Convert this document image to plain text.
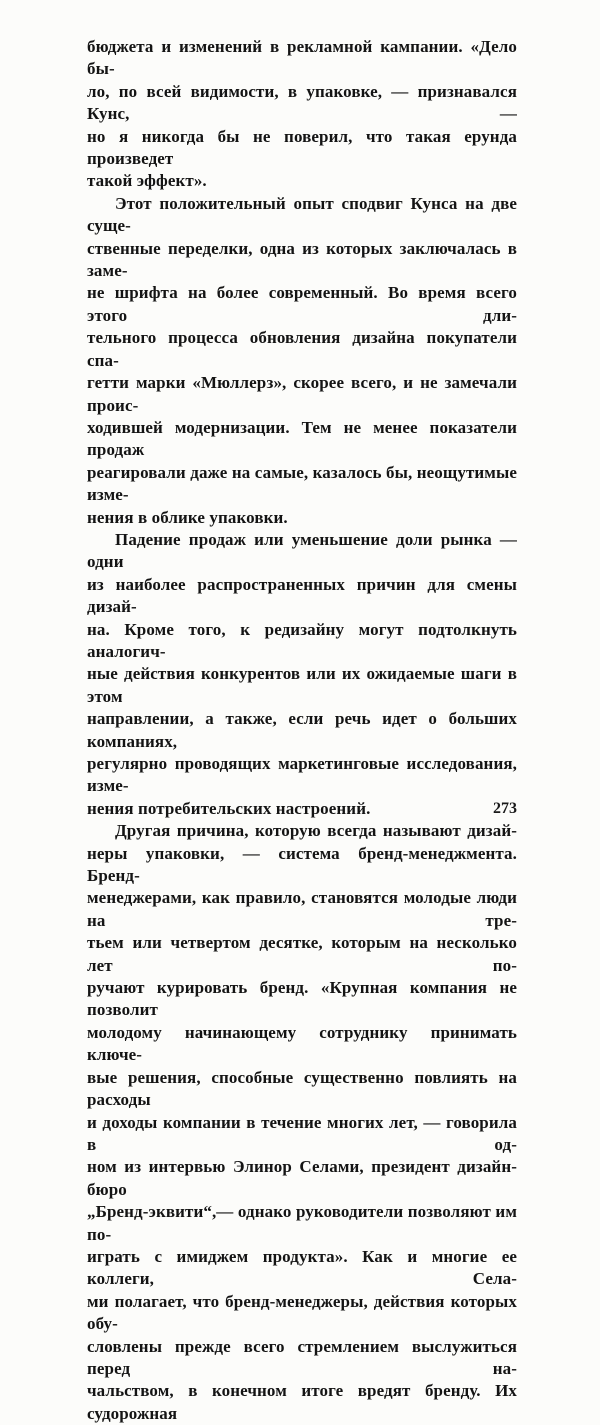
бюджета и изменений в рекламной кампании. «Дело бы-
ло, по всей видимости, в упаковке, — признавался Кунс, —
но я никогда бы не поверил, что такая ерунда произведет
такой эффект».
Этот положительный опыт сподвиг Кунса на две суще-
ственные переделки, одна из которых заключалась в заме-
не шрифта на более современный. Во время всего этого дли-
тельного процесса обновления дизайна покупатели спа-
гетти марки «Мюллерз», скорее всего, и не замечали проис-
ходившей модернизации. Тем не менее показатели продаж
реагировали даже на самые, казалось бы, неощутимые изме-
нения в облике упаковки.
Падение продаж или уменьшение доли рынка — одни
из наиболее распространенных причин для смены дизай-
на. Кроме того, к редизайну могут подтолкнуть аналогич-
ные действия конкурентов или их ожидаемые шаги в этом
направлении, а также, если речь идет о больших компаниях,
регулярно проводящих маркетинговые исследования, изме-
нения потребительских настроений.
Другая причина, которую всегда называют дизай-
неры упаковки, — система бренд-менеджмента. Бренд-
менеджерами, как правило, становятся молодые люди на тре-
тьем или четвертом десятке, которым на несколько лет по-
ручают курировать бренд. «Крупная компания не позволит
молодому начинающему сотруднику принимать ключе-
вые решения, способные существенно повлиять на расходы
и доходы компании в течение многих лет, — говорила в од-
ном из интервью Элинор Селами, президент дизайн-бюро
„Бренд-эквити“,— однако руководители позволяют им по-
играть с имиджем продукта». Как и многие ее коллеги, Села-
ми полагает, что бренд-менеджеры, действия которых обу-
словлены прежде всего стремлением выслужиться перед на-
чальством, в конечном итоге вредят бренду. Их судорожная
273
